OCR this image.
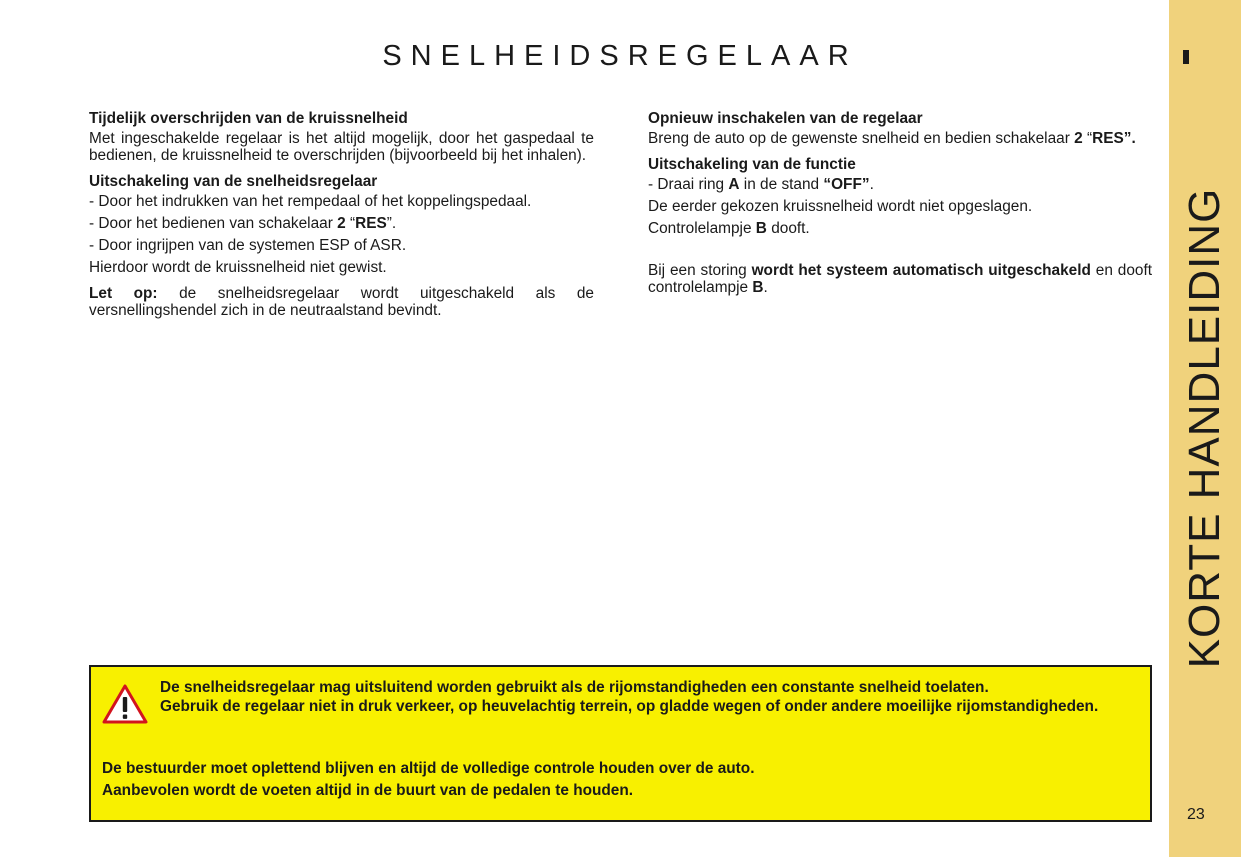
SNELHEIDSREGELAAR
Tijdelijk overschrijden van de kruissnelheid
Met ingeschakelde regelaar is het altijd mogelijk, door het gaspedaal te bedienen, de kruissnelheid te overschrijden (bijvoorbeeld bij het inhalen).
Uitschakeling van de snelheidsregelaar
- Door het indrukken van het rempedaal of het koppelingspedaal.
- Door het bedienen van schakelaar 2 “RES”.
- Door ingrijpen van de systemen ESP of ASR.
Hierdoor wordt de kruissnelheid niet gewist.
Let op: de snelheidsregelaar wordt uitgeschakeld als de versnellingshendel zich in de neutraalstand bevindt.
Opnieuw inschakelen van de regelaar
Breng de auto op de gewenste snelheid en bedien schakelaar 2 “RES”.
Uitschakeling van de functie
- Draai ring A in de stand “OFF”.
De eerder gekozen kruissnelheid wordt niet opgeslagen.
Controlelampje B dooft.
Bij een storing wordt het systeem automatisch uitgeschakeld en dooft controlelampje B.
De snelheidsregelaar mag uitsluitend worden gebruikt als de rijomstandigheden een constante snelheid toelaten.
Gebruik de regelaar niet in druk verkeer, op heuvelachtig terrein, op gladde wegen of onder andere moeilijke rijomstandigheden.
De bestuurder moet oplettend blijven en altijd de volledige controle houden over de auto.
Aanbevolen wordt de voeten altijd in de buurt van de pedalen te houden.
KORTE HANDLEIDING
23
